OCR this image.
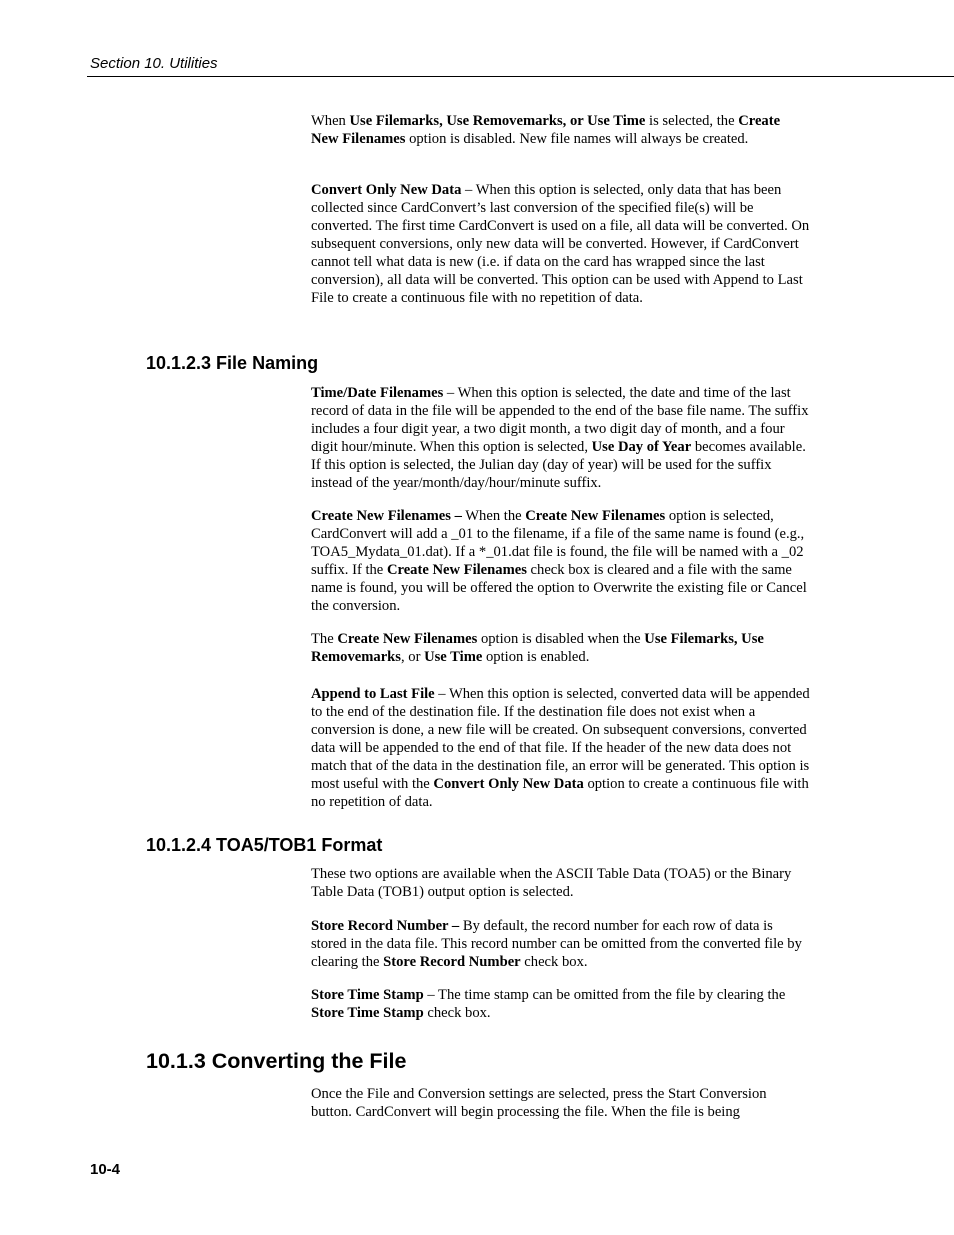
Section 10. Utilities

When Use Filemarks, Use Removemarks, or Use Time is selected, the Create New Filenames option is disabled. New file names will always be created.

Convert Only New Data – When this option is selected, only data that has been collected since CardConvert’s last conversion of the specified file(s) will be converted. The first time CardConvert is used on a file, all data will be converted. On subsequent conversions, only new data will be converted. However, if CardConvert cannot tell what data is new (i.e. if data on the card has wrapped since the last conversion), all data will be converted. This option can be used with Append to Last File to create a continuous file with no repetition of data.

10.1.2.3 File Naming

Time/Date Filenames – When this option is selected, the date and time of the last record of data in the file will be appended to the end of the base file name. The suffix includes a four digit year, a two digit month, a two digit day of month, and a four digit hour/minute. When this option is selected, Use Day of Year becomes available. If this option is selected, the Julian day (day of year) will be used for the suffix instead of the year/month/day/hour/minute suffix.

Create New Filenames – When the Create New Filenames option is selected, CardConvert will add a _01 to the filename, if a file of the same name is found (e.g., TOA5_Mydata_01.dat). If a *_01.dat file is found, the file will be named with a _02 suffix. If the Create New Filenames check box is cleared and a file with the same name is found, you will be offered the option to Overwrite the existing file or Cancel the conversion.

The Create New Filenames option is disabled when the Use Filemarks, Use Removemarks, or Use Time option is enabled.

Append to Last File – When this option is selected, converted data will be appended to the end of the destination file. If the destination file does not exist when a conversion is done, a new file will be created. On subsequent conversions, converted data will be appended to the end of that file. If the header of the new data does not match that of the data in the destination file, an error will be generated. This option is most useful with the Convert Only New Data option to create a continuous file with no repetition of data.

10.1.2.4 TOA5/TOB1 Format

These two options are available when the ASCII Table Data (TOA5) or the Binary Table Data (TOB1) output option is selected.

Store Record Number – By default, the record number for each row of data is stored in the data file. This record number can be omitted from the converted file by clearing the Store Record Number check box.

Store Time Stamp – The time stamp can be omitted from the file by clearing the Store Time Stamp check box.

10.1.3 Converting the File

Once the File and Conversion settings are selected, press the Start Conversion button. CardConvert will begin processing the file. When the file is being

10-4
